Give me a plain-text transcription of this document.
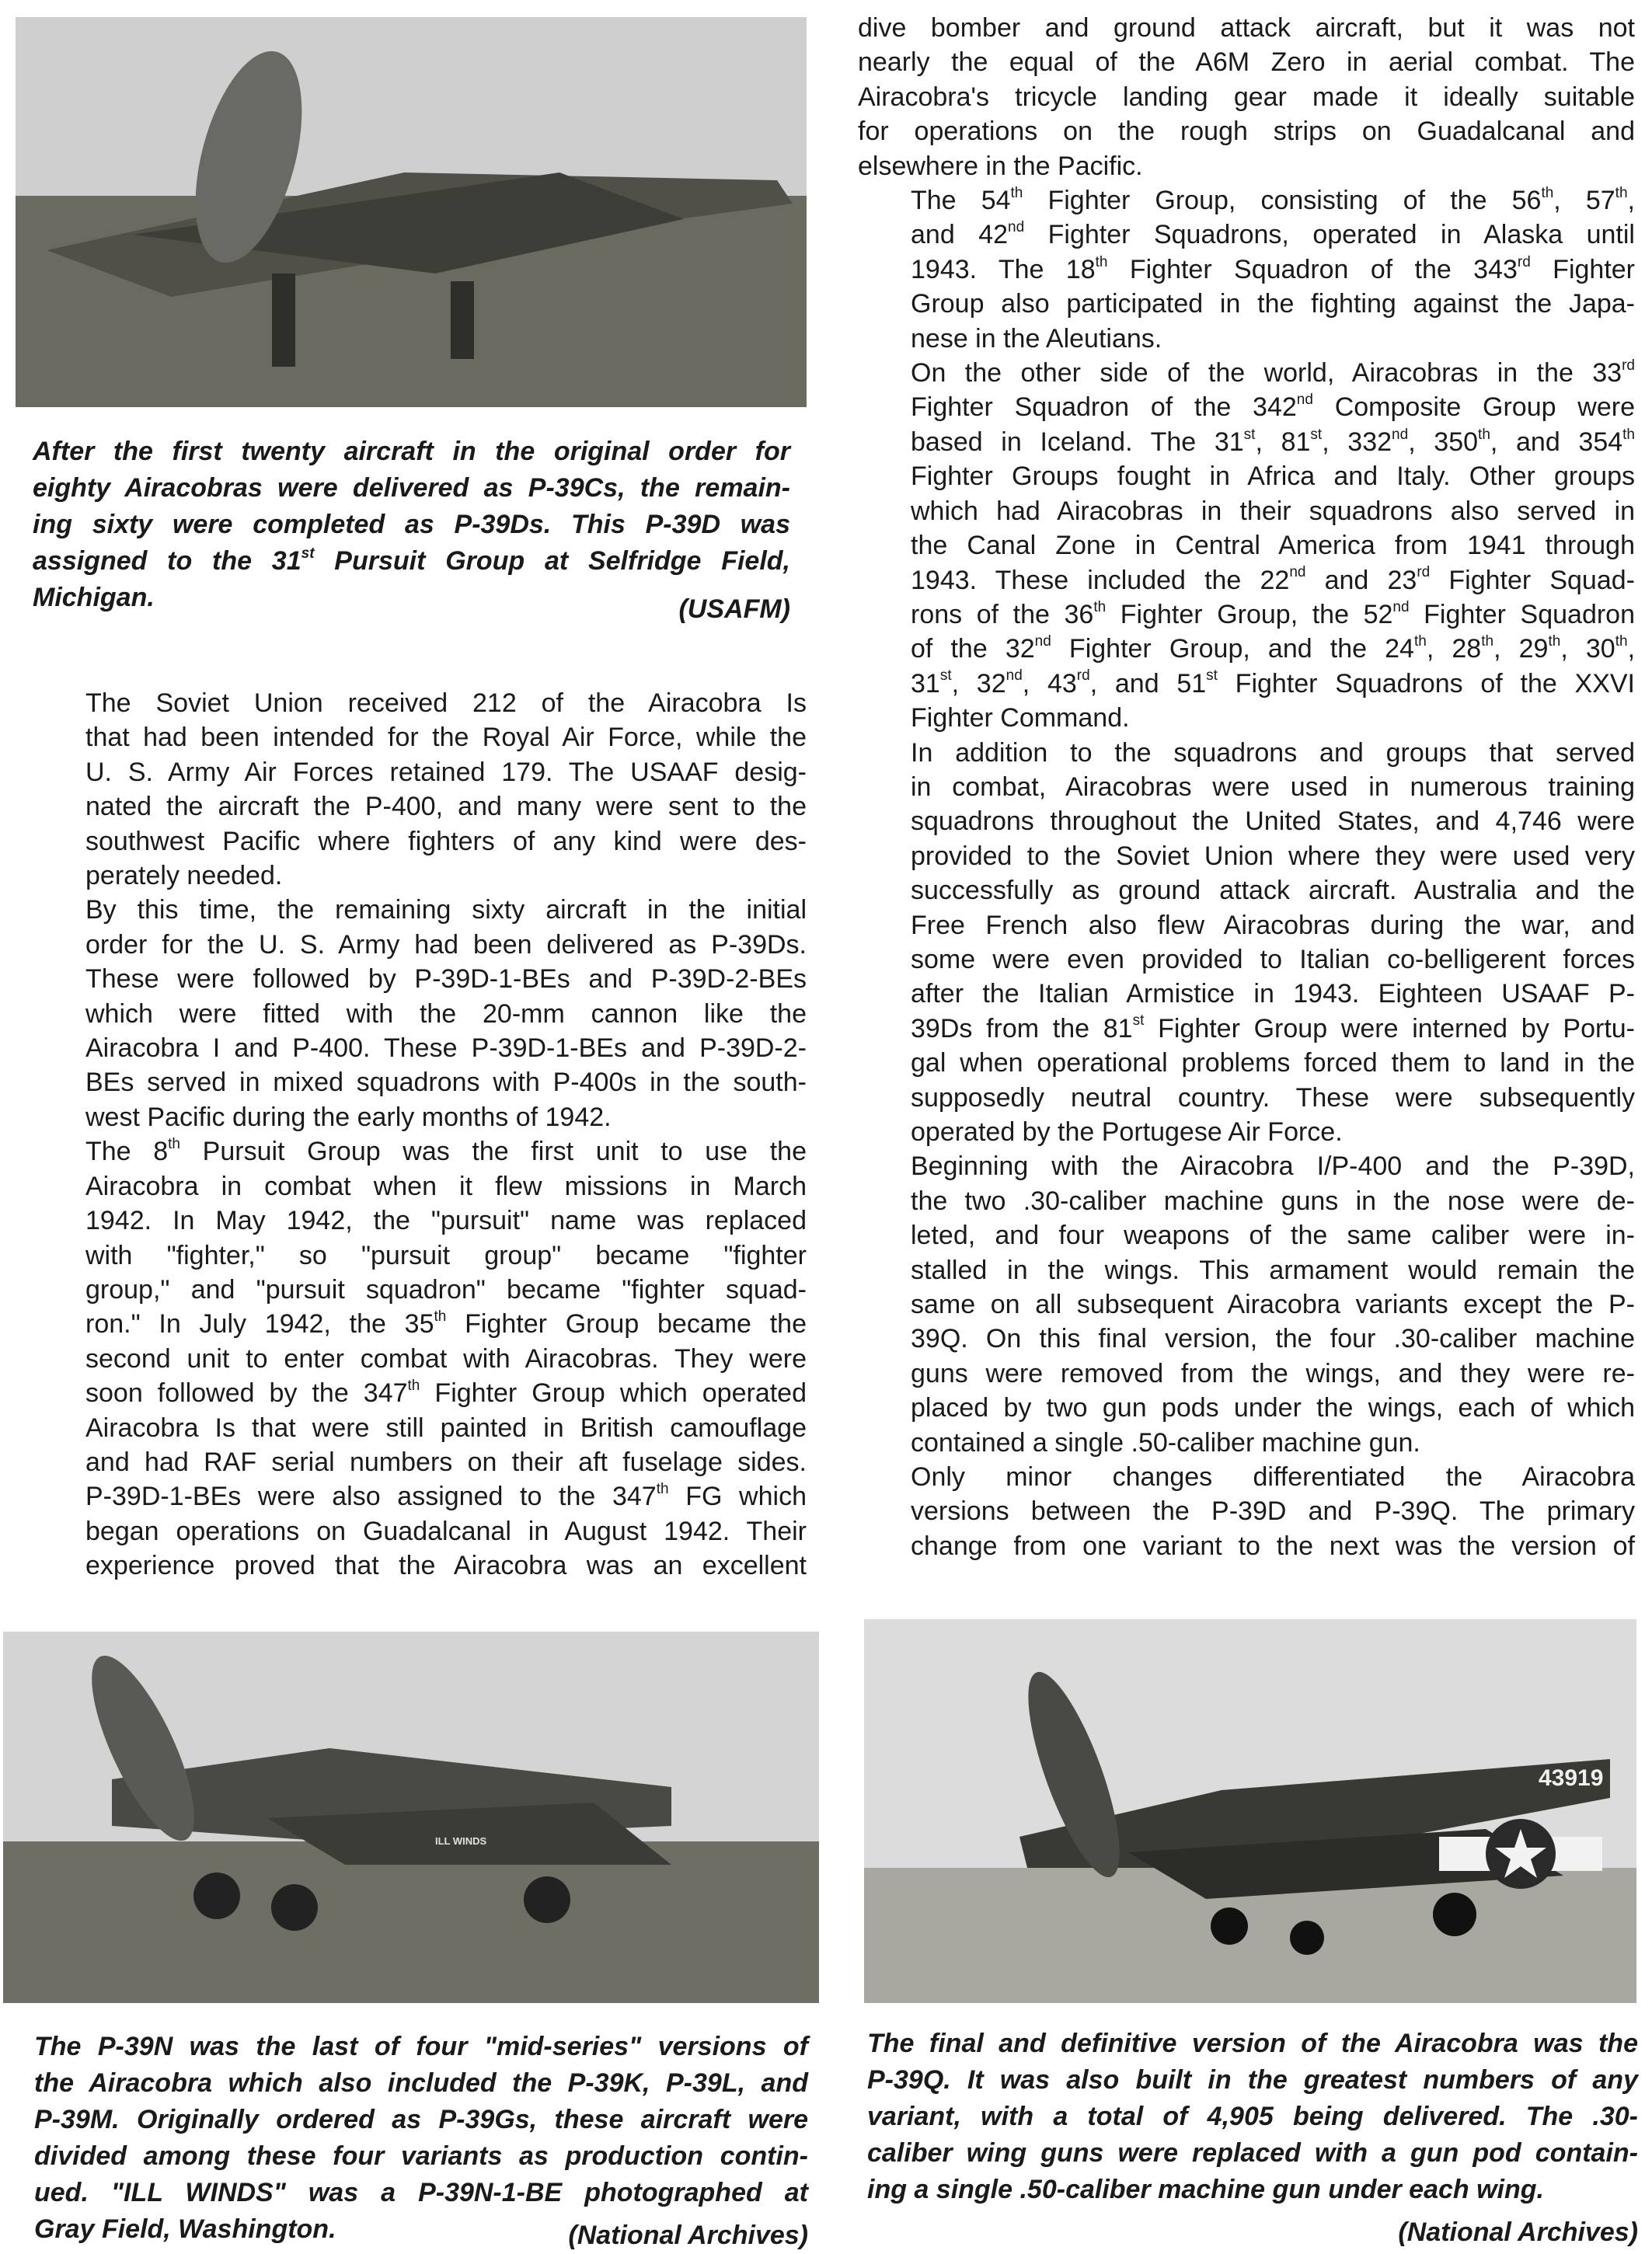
After the first twenty aircraft in the original order for
eighty Airacobras were delivered as P-39Cs, the remain-
ing sixty were completed as P-39Ds. This P-39D was
assigned to the 31st Pursuit Group at Selfridge Field,
Michigan.	(USAFM)

The Soviet Union received 212 of the Airacobra Is
that had been intended for the Royal Air Force, while the
U. S. Army Air Forces retained 179. The USAAF desig-
nated the aircraft the P-400, and many were sent to the
southwest Pacific where fighters of any kind were des-
perately needed.

By this time, the remaining sixty aircraft in the initial
order for the U. S. Army had been delivered as P-39Ds.
These were followed by P-39D-1-BEs and P-39D-2-BEs
which were fitted with the 20-mm cannon like the
Airacobra I and P-400. These P-39D-1-BEs and P-39D-2-
BEs served in mixed squadrons with P-400s in the south-
west Pacific during the early months of 1942.

The 8th Pursuit Group was the first unit to use the
Airacobra in combat when it flew missions in March
1942. In May 1942, the "pursuit" name was replaced
with "fighter," so "pursuit group" became "fighter
group," and "pursuit squadron" became "fighter squad-
ron." In July 1942, the 35th Fighter Group became the
second unit to enter combat with Airacobras. They were
soon followed by the 347th Fighter Group which operated
Airacobra Is that were still painted in British camouflage
and had RAF serial numbers on their aft fuselage sides.
P-39D-1-BEs were also assigned to the 347th FG which
began operations on Guadalcanal in August 1942. Their
experience proved that the Airacobra was an excellent

dive bomber and ground attack aircraft, but it was not
nearly the equal of the A6M Zero in aerial combat. The
Airacobra's tricycle landing gear made it ideally suitable
for operations on the rough strips on Guadalcanal and
elsewhere in the Pacific.

The 54th Fighter Group, consisting of the 56th, 57th,
and 42nd Fighter Squadrons, operated in Alaska until
1943. The 18th Fighter Squadron of the 343rd Fighter
Group also participated in the fighting against the Japa-
nese in the Aleutians.

On the other side of the world, Airacobras in the 33rd
Fighter Squadron of the 342nd Composite Group were
based in Iceland. The 31st, 81st, 332nd, 350th, and 354th
Fighter Groups fought in Africa and Italy. Other groups
which had Airacobras in their squadrons also served in
the Canal Zone in Central America from 1941 through
1943. These included the 22nd and 23rd Fighter Squad-
rons of the 36th Fighter Group, the 52nd Fighter Squadron
of the 32nd Fighter Group, and the 24th, 28th, 29th, 30th,
31st, 32nd, 43rd, and 51st Fighter Squadrons of the XXVI
Fighter Command.

In addition to the squadrons and groups that served
in combat, Airacobras were used in numerous training
squadrons throughout the United States, and 4,746 were
provided to the Soviet Union where they were used very
successfully as ground attack aircraft. Australia and the
Free French also flew Airacobras during the war, and
some were even provided to Italian co-belligerent forces
after the Italian Armistice in 1943. Eighteen USAAF P-
39Ds from the 81st Fighter Group were interned by Portu-
gal when operational problems forced them to land in the
supposedly neutral country. These were subsequently
operated by the Portugese Air Force.

Beginning with the Airacobra I/P-400 and the P-39D,
the two .30-caliber machine guns in the nose were de-
leted, and four weapons of the same caliber were in-
stalled in the wings. This armament would remain the
same on all subsequent Airacobra variants except the P-
39Q. On this final version, the four .30-caliber machine
guns were removed from the wings, and they were re-
placed by two gun pods under the wings, each of which
contained a single .50-caliber machine gun.

Only minor changes differentiated the Airacobra
versions between the P-39D and P-39Q. The primary
change from one variant to the next was the version of

ILL WINDS

The P-39N was the last of four "mid-series" versions of
the Airacobra which also included the P-39K, P-39L, and
P-39M. Originally ordered as P-39Gs, these aircraft were
divided among these four variants as production contin-
ued. "ILL WINDS" was a P-39N-1-BE photographed at
Gray Field, Washington.	(National Archives)

43919

The final and definitive version of the Airacobra was the
P-39Q. It was also built in the greatest numbers of any
variant, with a total of 4,905 being delivered. The .30-
caliber wing guns were replaced with a gun pod contain-
ing a single .50-caliber machine gun under each wing.
(National Archives)
